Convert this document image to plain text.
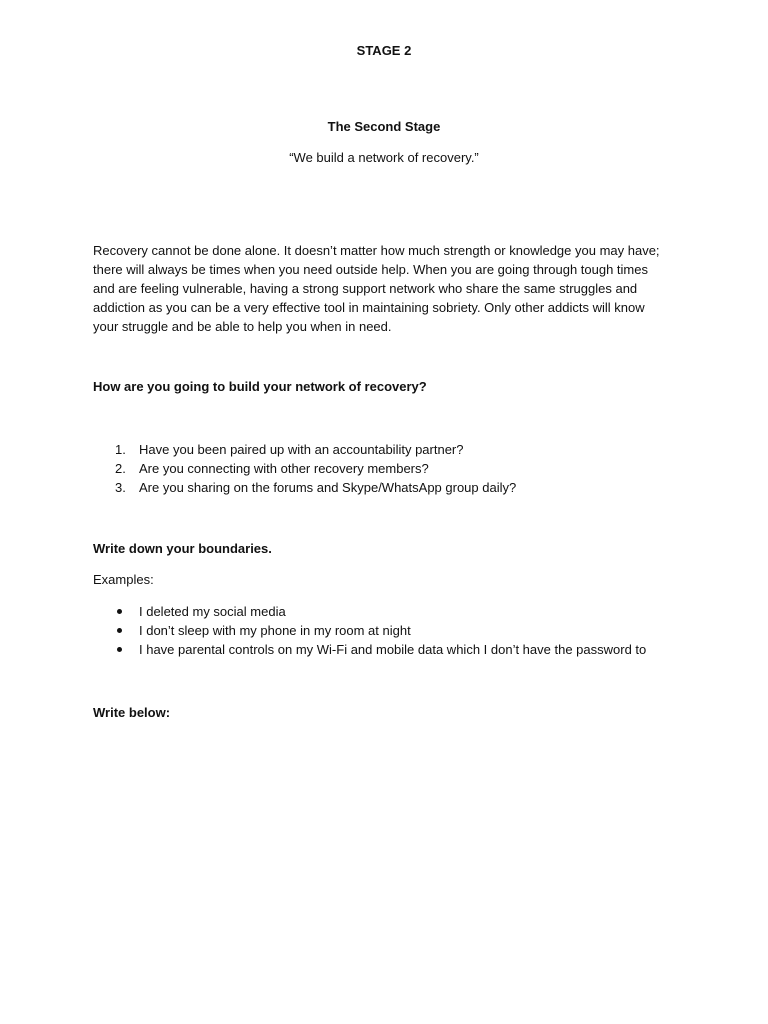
STAGE 2
The Second Stage
“We build a network of recovery.”
Recovery cannot be done alone. It doesn’t matter how much strength or knowledge you may have;
there will always be times when you need outside help. When you are going through tough times
and are feeling vulnerable, having a strong support network who share the same struggles and
addiction as you can be a very effective tool in maintaining sobriety. Only other addicts will know
your struggle and be able to help you when in need.
How are you going to build your network of recovery?
1. Have you been paired up with an accountability partner?
2. Are you connecting with other recovery members?
3. Are you sharing on the forums and Skype/WhatsApp group daily?
Write down your boundaries.
Examples:
I deleted my social media
I don’t sleep with my phone in my room at night
I have parental controls on my Wi-Fi and mobile data which I don’t have the password to
Write below:
